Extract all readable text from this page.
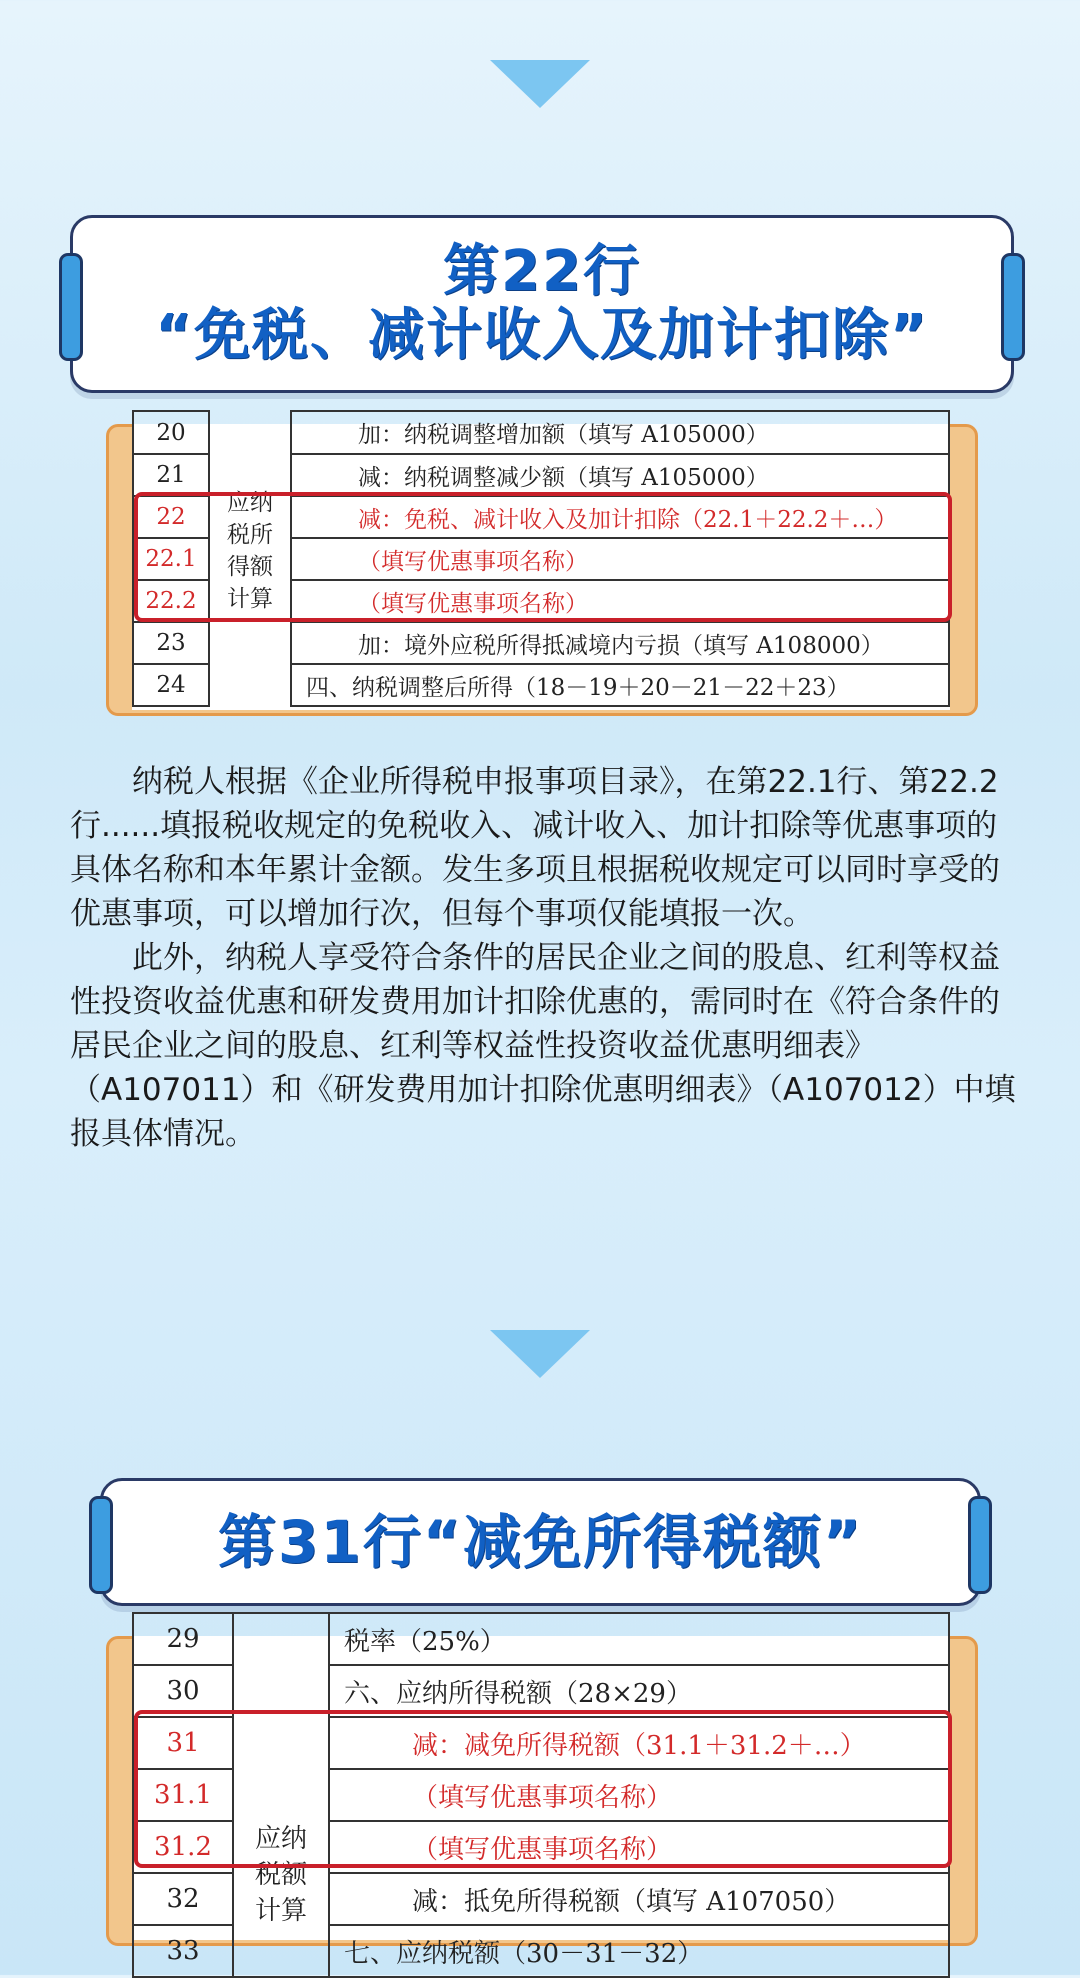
第22行
“免税、减计收入及加计扣除”
20	应纳税所得额计算	加：纳税调整增加额（填写 A105000）
21		减：纳税调整减少额（填写 A105000）
22		减：免税、减计收入及加计扣除（22.1＋22.2＋…）
22.1		（填写优惠事项名称）
22.2		（填写优惠事项名称）
23		加：境外应税所得抵减境内亏损（填写 A108000）
24		四、纳税调整后所得（18－19＋20－21－22＋23）

纳税人根据《企业所得税申报事项目录》，在第22.1行、第22.2行......填报税收规定的免税收入、减计收入、加计扣除等优惠事项的具体名称和本年累计金额。发生多项且根据税收规定可以同时享受的优惠事项，可以增加行次，但每个事项仅能填报一次。

此外，纳税人享受符合条件的居民企业之间的股息、红利等权益性投资收益优惠和研发费用加计扣除优惠的，需同时在《符合条件的居民企业之间的股息、红利等权益性投资收益优惠明细表》（A107011）和《研发费用加计扣除优惠明细表》（A107012）中填报具体情况。

第31行“减免所得税额”
29		税率（25%）
30		六、应纳所得税额（28×29）
31	应纳税额计算	减：减免所得税额（31.1＋31.2＋…）
31.1		（填写优惠事项名称）
31.2		（填写优惠事项名称）
32		减：抵免所得税额（填写 A107050）
33		七、应纳税额（30－31－32）
